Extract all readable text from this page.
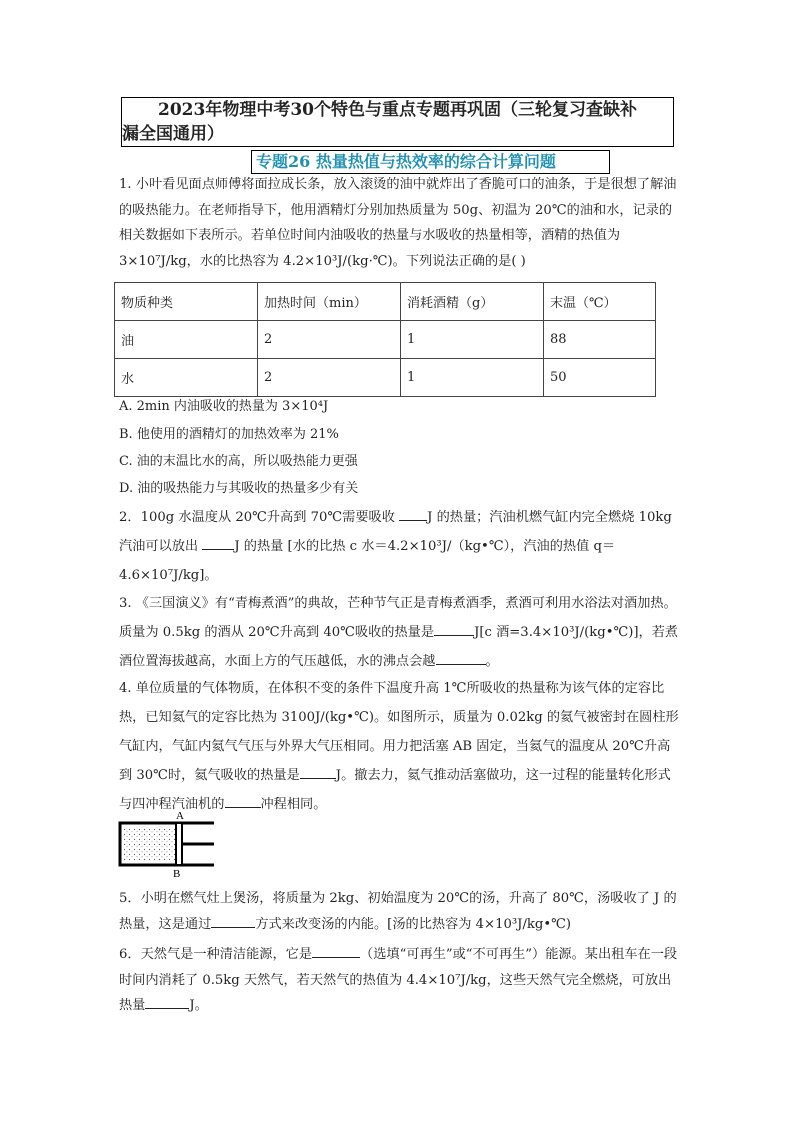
2023年物理中考30个特色与重点专题再巩固（三轮复习查缺补
漏全国通用）
专题26 热量热值与热效率的综合计算问题
1. 小叶看见面点师傅将面拉成长条，放入滚烫的油中就炸出了香脆可口的油条，于是很想了解油的吸热能力。在老师指导下，他用酒精灯分别加热质量为 50g、初温为 20℃的油和水，记录的相关数据如下表所示。若单位时间内油吸收的热量与水吸收的热量相等，酒精的热值为 3×10⁷J/kg，水的比热容为 4.2×10³J/(kg·℃)。下列说法正确的是( )
物质种类	加热时间（min）	消耗酒精（g）	末温（℃）
油	2	1	88
水	2	1	50
A. 2min 内油吸收的热量为 3×10⁴J
B. 他使用的酒精灯的加热效率为 21%
C. 油的末温比水的高，所以吸热能力更强
D. 油的吸热能力与其吸收的热量多少有关
2．100g 水温度从 20℃升高到 70℃需要吸收 J 的热量；汽油机燃气缸内完全燃烧 10kg 汽油可以放出 J 的热量 [水的比热 c 水＝4.2×10³J/（kg•℃），汽油的热值 q＝4.6×10⁷J/kg]。
3. 《三国演义》有“青梅煮酒”的典故，芒种节气正是青梅煮酒季，煮酒可利用水浴法对酒加热。质量为 0.5kg 的酒从 20℃升高到 40℃吸收的热量是	J[c 酒=3.4×10³J/(kg•℃)]，若煮酒位置海拔越高，水面上方的气压越低，水的沸点会越	。
4. 单位质量的气体物质，在体积不变的条件下温度升高 1℃所吸收的热量称为该气体的定容比热，已知氦气的定容比热为 3100J/(kg•℃)。如图所示，质量为 0.02kg 的氦气被密封在圆柱形气缸内，气缸内氦气气压与外界大气压相同。用力把活塞 AB 固定，当氦气的温度从 20℃升高到 30℃时，氦气吸收的热量是	J。撤去力，氦气推动活塞做功，这一过程的能量转化形式与四冲程汽油机的	冲程相同。
A
B
5．小明在燃气灶上煲汤，将质量为 2kg、初始温度为 20℃的汤，升高了 80℃，汤吸收了 J 的热量，这是通过	方式来改变汤的内能。[汤的比热容为 4×10³J/kg•℃)
6．天然气是一种清洁能源，它是	（选填“可再生”或“不可再生”）能源。某出租车在一段时间内消耗了 0.5kg 天然气，若天然气的热值为 4.4×10⁷J/kg，这些天然气完全燃烧，可放出热量	J。
